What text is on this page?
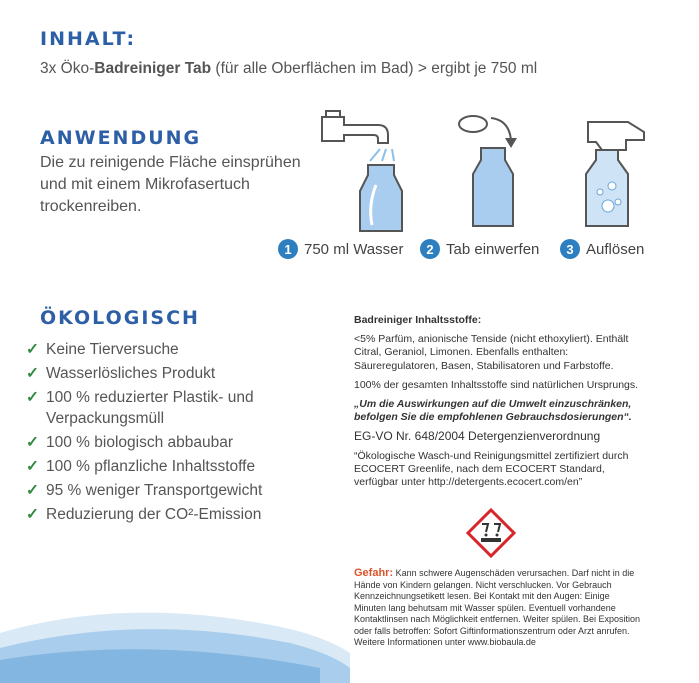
INHALT:
3x Öko-Badreiniger Tab (für alle Oberflächen im Bad) > ergibt je 750 ml
ANWENDUNG
Die zu reinigende Fläche einsprühen und mit einem Mikrofasertuch trockenreiben.
1 750 ml Wasser	2 Tab einwerfen	3 Auflösen
ÖKOLOGISCH
✓ Keine Tierversuche
✓ Wasserlösliches Produkt
✓ 100 % reduzierter Plastik- und Verpackungsmüll
✓ 100 % biologisch abbaubar
✓ 100 % pflanzliche Inhaltsstoffe
✓ 95 % weniger Transportgewicht
✓ Reduzierung der CO²-Emission

Badreiniger Inhaltsstoffe:

<5% Parfüm, anionische Tenside (nicht ethoxyliert). Enthält Citral, Geraniol, Limonen. Ebenfalls enthalten: Säureregulatoren, Basen, Stabilisatoren und Farbstoffe.

100% der gesamten Inhaltsstoffe sind natürlichen Ursprungs.

„Um die Auswirkungen auf die Umwelt einzuschränken, befolgen Sie die empfohlenen Gebrauchsdosierungen“.

EG-VO Nr. 648/2004 Detergenzienverordnung

“Ökologische Wasch-und Reinigungsmittel zertifiziert durch ECOCERT Greenlife, nach dem ECOCERT Standard, verfügbar unter http://detergents.ecocert.com/en”

Gefahr: Kann schwere Augenschäden verursachen. Darf nicht in die Hände von Kindern gelangen. Nicht verschlucken. Vor Gebrauch Kennzeichnungsetikett lesen. Bei Kontakt mit den Augen: Einige Minuten lang behutsam mit Wasser spülen. Eventuell vorhandene Kontaktlinsen nach Möglichkeit entfernen. Weiter spülen. Bei Exposition oder falls betroffen: Sofort Giftinformationszentrum oder Arzt anrufen.
Weitere Informationen unter www.biobaula.de
